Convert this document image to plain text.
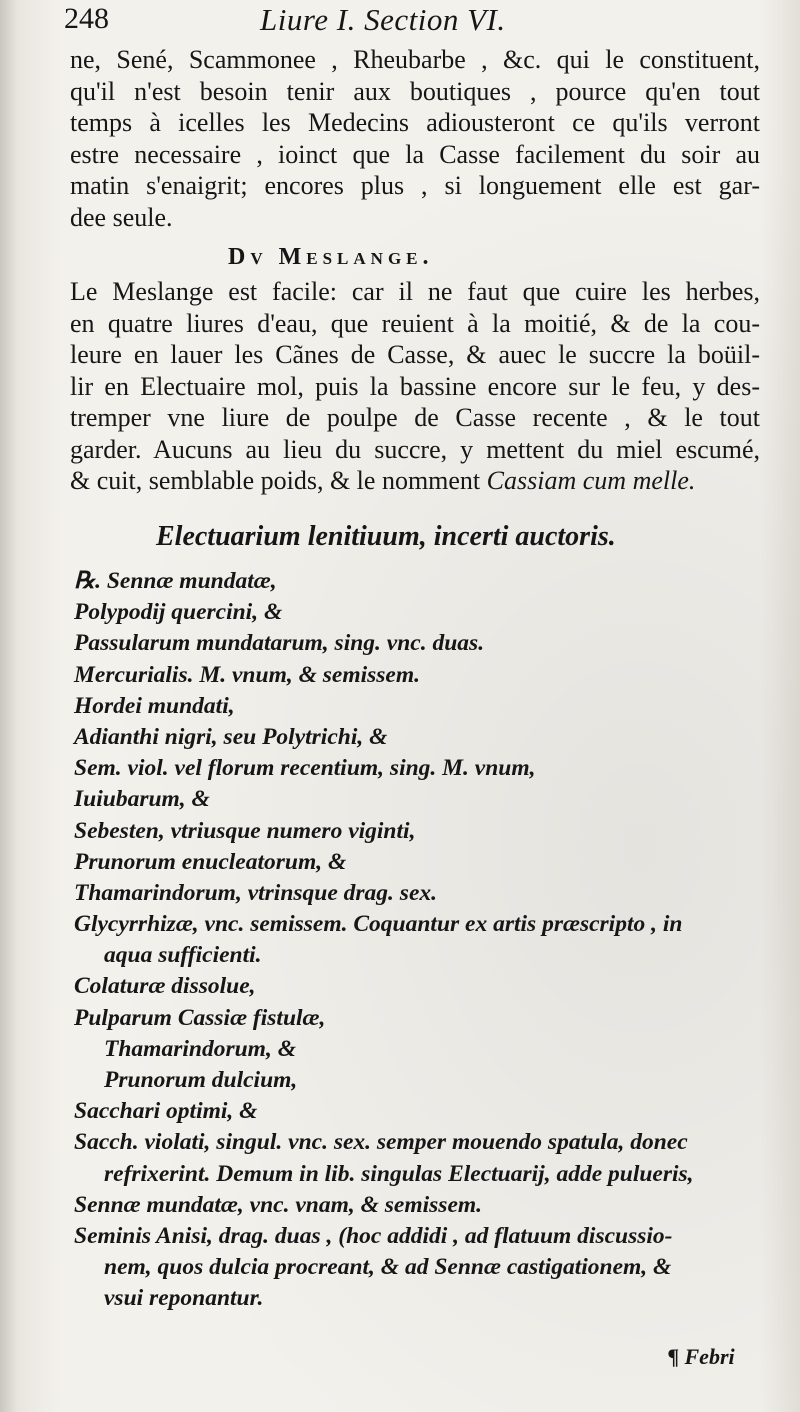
248	Liure I. Section VI.
ne, Sené, Scammonee , Rheubarbe , &c. qui le constituent,
qu'il n'est besoin tenir aux boutiques , pource qu'en tout
temps à icelles les Medecins adiousteront ce qu'ils verront
estre necessaire , ioinct que la Casse facilement du soir au
matin s'enaigrit; encores plus , si longuement elle est gar-
dee seule.
Dv Meslange.
Le Meslange est facile: car il ne faut que cuire les herbes,
en quatre liures d'eau, que reuient à la moitié, & de la cou-
leure en lauer les Cãnes de Casse, & auec le succre la boüil-
lir en Electuaire mol, puis la bassine encore sur le feu, y des-
tremper vne liure de poulpe de Casse recente , & le tout
garder. Aucuns au lieu du succre, y mettent du miel escumé,
& cuit, semblable poids, & le nomment Cassiam cum melle.
Electuarium lenitiuum, incerti auctoris.
℞. Sennæ mundatæ,
Polypodij quercini, &
Passularum mundatarum, sing. vnc. duas.
Mercurialis. M. vnum, & semissem.
Hordei mundati,
Adianthi nigri, seu Polytrichi, &
Sem. viol. vel florum recentium, sing. M. vnum,
Iuiubarum, &
Sebesten, vtriusque numero viginti,
Prunorum enucleatorum, &
Thamarindorum, vtrinsque drag. sex.
Glycyrrhizæ, vnc. semissem. Coquantur ex artis præscripto , in
aqua sufficienti.
Colaturæ dissolue,
Pulparum Cassiæ fistulæ,
Thamarindorum, &
Prunorum dulcium,
Sacchari optimi, &
Sacch. violati, singul. vnc. sex. semper mouendo spatula, donec
refrixerint. Demum in lib. singulas Electuarij, adde pulueris,
Sennæ mundatæ, vnc. vnam, & semissem.
Seminis Anisi, drag. duas , (hoc addidi , ad flatuum discussio-
nem, quos dulcia procreant, & ad Sennæ castigationem, &
vsui reponantur.
¶ Febri
